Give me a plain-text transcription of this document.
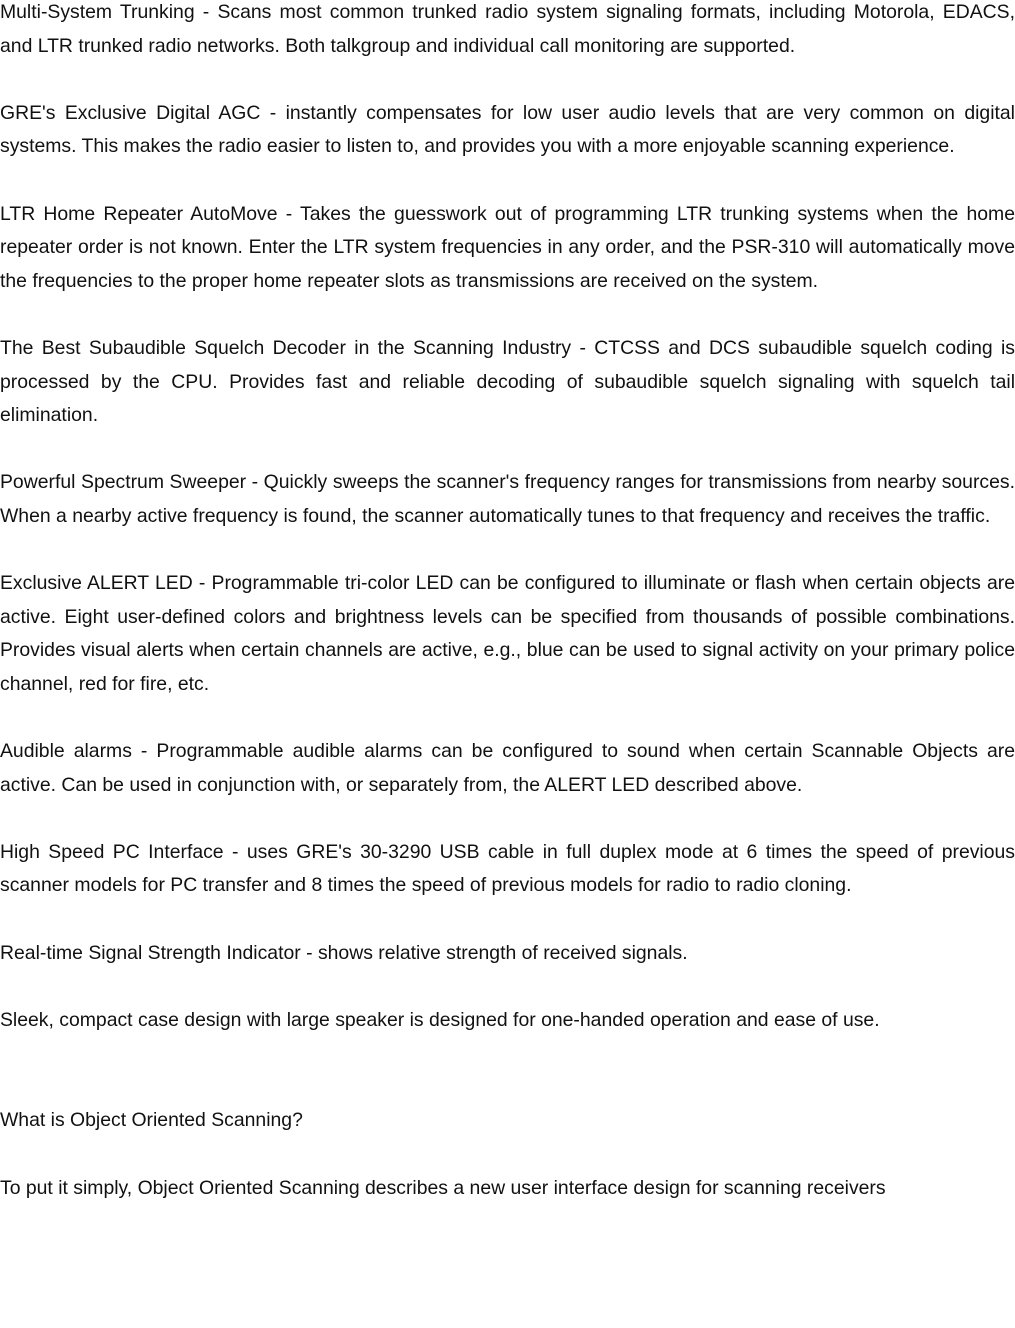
Multi-System Trunking - Scans most common trunked radio system signaling formats, including Motorola, EDACS, and LTR trunked radio networks. Both talkgroup and individual call monitoring are supported.

GRE's Exclusive Digital AGC - instantly compensates for low user audio levels that are very common on digital systems. This makes the radio easier to listen to, and provides you with a more enjoyable scanning experience.

LTR Home Repeater AutoMove - Takes the guesswork out of programming LTR trunking systems when the home repeater order is not known. Enter the LTR system frequencies in any order, and the PSR-310 will automatically move the frequencies to the proper home repeater slots as transmissions are received on the system.

The Best Subaudible Squelch Decoder in the Scanning Industry - CTCSS and DCS subaudible squelch coding is processed by the CPU. Provides fast and reliable decoding of subaudible squelch signaling with squelch tail elimination.

Powerful Spectrum Sweeper - Quickly sweeps the scanner's frequency ranges for transmissions from nearby sources. When a nearby active frequency is found, the scanner automatically tunes to that frequency and receives the traffic.

Exclusive ALERT LED - Programmable tri-color LED can be configured to illuminate or flash when certain objects are active. Eight user-defined colors and brightness levels can be specified from thousands of possible combinations. Provides visual alerts when certain channels are active, e.g., blue can be used to signal activity on your primary police channel, red for fire, etc.

Audible alarms - Programmable audible alarms can be configured to sound when certain Scannable Objects are active. Can be used in conjunction with, or separately from, the ALERT LED described above.

High Speed PC Interface - uses GRE's 30-3290 USB cable in full duplex mode at 6 times the speed of previous scanner models for PC transfer and 8 times the speed of previous models for radio to radio cloning.

Real-time Signal Strength Indicator - shows relative strength of received signals.

Sleek, compact case design with large speaker is designed for one-handed operation and ease of use.

What is Object Oriented Scanning?

To put it simply, Object Oriented Scanning describes a new user interface design for scanning receivers
